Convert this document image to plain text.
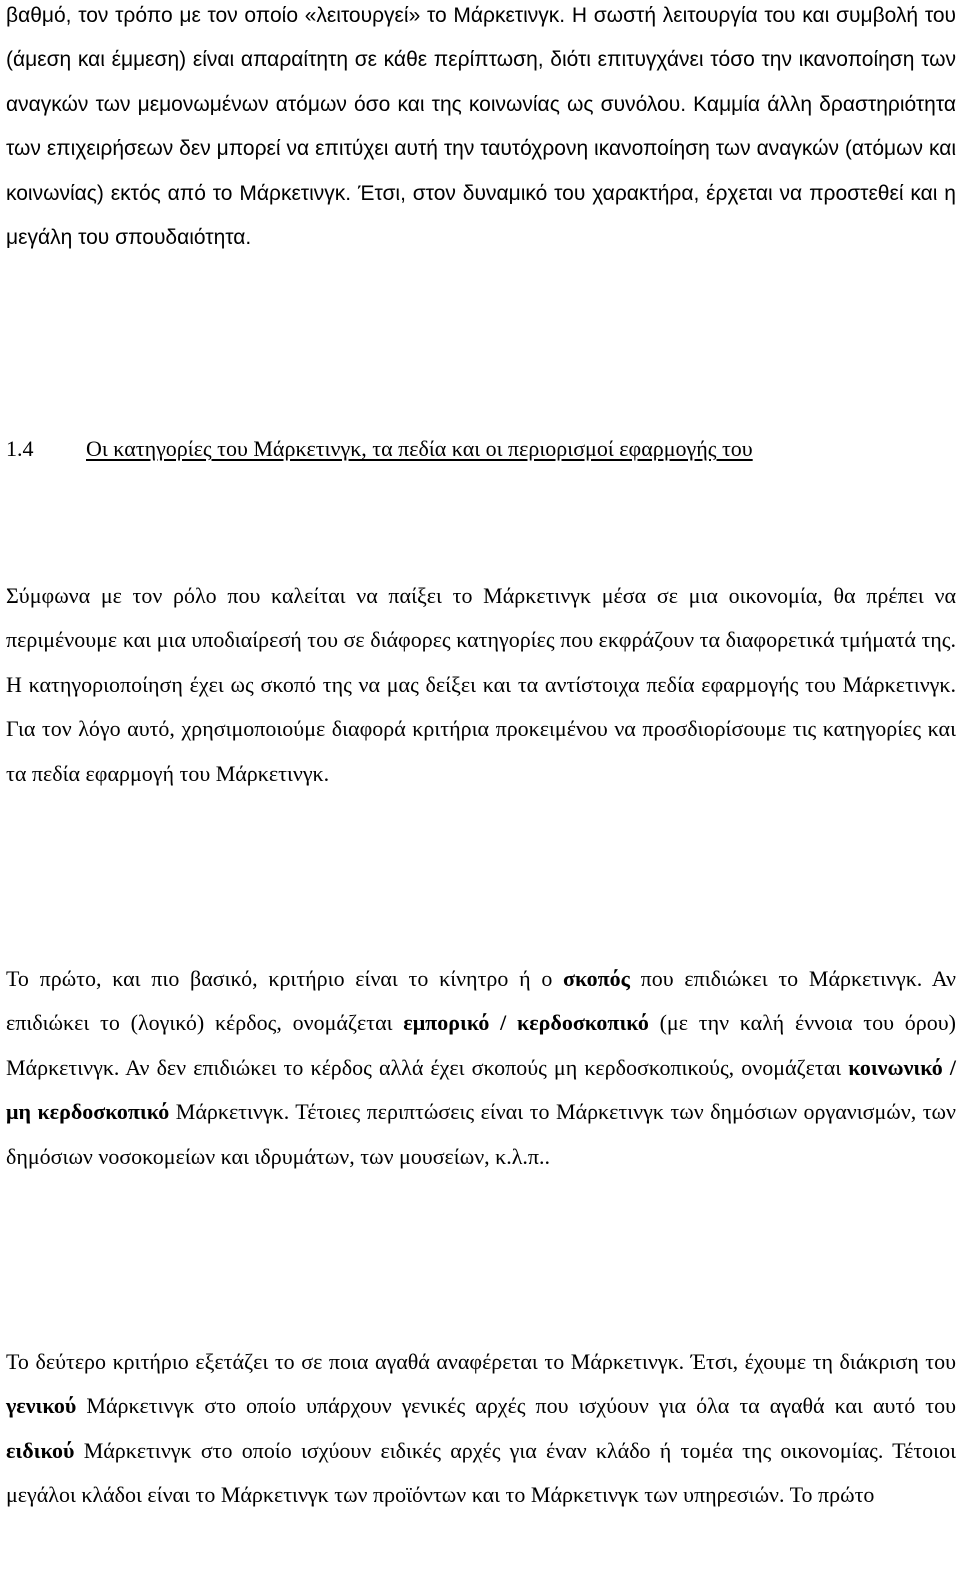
βαθμό, τον τρόπο με τον οποίο «λειτουργεί» το Μάρκετινγκ. Η σωστή λειτουργία του και συμβολή του (άμεση και έμμεση) είναι απαραίτητη σε κάθε περίπτωση, διότι επιτυγχάνει τόσο την ικανοποίηση των αναγκών των μεμονωμένων ατόμων όσο και της κοινωνίας ως συνόλου. Καμμία άλλη δραστηριότητα των επιχειρήσεων δεν μπορεί να επιτύχει αυτή την ταυτόχρονη ικανοποίηση των αναγκών (ατόμων και κοινωνίας) εκτός από το Μάρκετινγκ. Έτσι, στον δυναμικό του χαρακτήρα, έρχεται να προστεθεί και η μεγάλη του σπουδαιότητα.

1.4 Οι κατηγορίες του Μάρκετινγκ, τα πεδία και οι περιορισμοί εφαρμογής του

Σύμφωνα με τον ρόλο που καλείται να παίξει το Μάρκετινγκ μέσα σε μια οικονομία, θα πρέπει να περιμένουμε και μια υποδιαίρεσή του σε διάφορες κατηγορίες που εκφράζουν τα διαφορετικά τμήματά της. Η κατηγοριοποίηση έχει ως σκοπό της να μας δείξει και τα αντίστοιχα πεδία εφαρμογής του Μάρκετινγκ. Για τον λόγο αυτό, χρησιμοποιούμε διαφορά κριτήρια προκειμένου να προσδιορίσουμε τις κατηγορίες και τα πεδία εφαρμογή του Μάρκετινγκ.

Το πρώτο, και πιο βασικό, κριτήριο είναι το κίνητρο ή ο σκοπός που επιδιώκει το Μάρκετινγκ. Αν επιδιώκει το (λογικό) κέρδος, ονομάζεται εμπορικό / κερδοσκοπικό (με την καλή έννοια του όρου) Μάρκετινγκ. Αν δεν επιδιώκει το κέρδος αλλά έχει σκοπούς μη κερδοσκοπικούς, ονομάζεται κοινωνικό / μη κερδοσκοπικό Μάρκετινγκ. Τέτοιες περιπτώσεις είναι το Μάρκετινγκ των δημόσιων οργανισμών, των δημόσιων νοσοκομείων και ιδρυμάτων, των μουσείων, κ.λ.π..

Το δεύτερο κριτήριο εξετάζει το σε ποια αγαθά αναφέρεται το Μάρκετινγκ. Έτσι, έχουμε τη διάκριση του γενικού Μάρκετινγκ στο οποίο υπάρχουν γενικές αρχές που ισχύουν για όλα τα αγαθά και αυτό του ειδικού Μάρκετινγκ στο οποίο ισχύουν ειδικές αρχές για έναν κλάδο ή τομέα της οικονομίας. Τέτοιοι μεγάλοι κλάδοι είναι το Μάρκετινγκ των προϊόντων και το Μάρκετινγκ των υπηρεσιών. Το πρώτο
